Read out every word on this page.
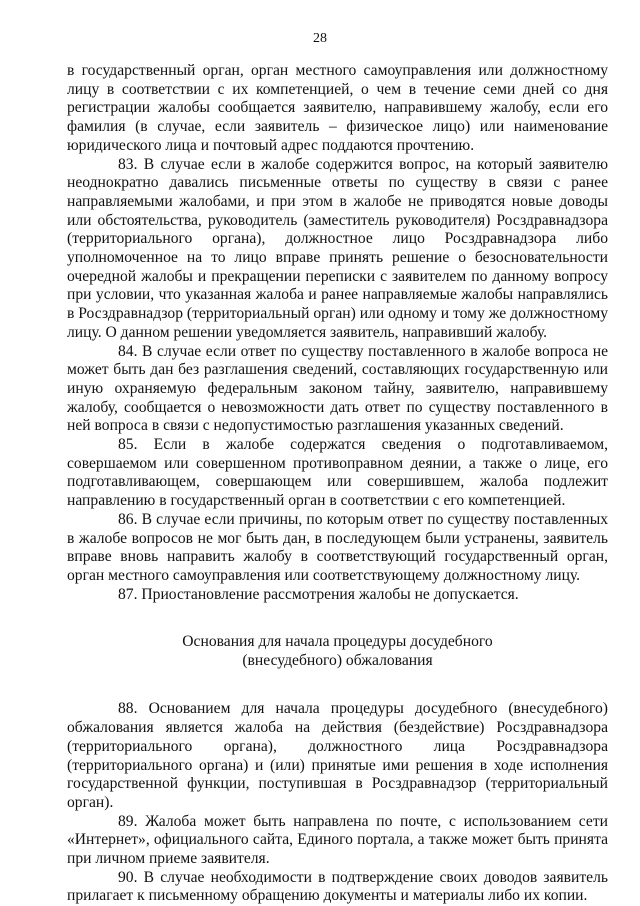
28

в государственный орган, орган местного самоуправления или должностному лицу в соответствии с их компетенцией, о чем в течение семи дней со дня регистрации жалобы сообщается заявителю, направившему жалобу, если его фамилия (в случае, если заявитель – физическое лицо) или наименование юридического лица и почтовый адрес поддаются прочтению.

83. В случае если в жалобе содержится вопрос, на который заявителю неоднократно давались письменные ответы по существу в связи с ранее направляемыми жалобами, и при этом в жалобе не приводятся новые доводы или обстоятельства, руководитель (заместитель руководителя) Росздравнадзора (территориального органа), должностное лицо Росздравнадзора либо уполномоченное на то лицо вправе принять решение о безосновательности очередной жалобы и прекращении переписки с заявителем по данному вопросу при условии, что указанная жалоба и ранее направляемые жалобы направлялись в Росздравнадзор (территориальный орган) или одному и тому же должностному лицу. О данном решении уведомляется заявитель, направивший жалобу.

84. В случае если ответ по существу поставленного в жалобе вопроса не может быть дан без разглашения сведений, составляющих государственную или иную охраняемую федеральным законом тайну, заявителю, направившему жалобу, сообщается о невозможности дать ответ по существу поставленного в ней вопроса в связи с недопустимостью разглашения указанных сведений.

85. Если в жалобе содержатся сведения о подготавливаемом, совершаемом или совершенном противоправном деянии, а также о лице, его подготавливающем, совершающем или совершившем, жалоба подлежит направлению в государственный орган в соответствии с его компетенцией.

86. В случае если причины, по которым ответ по существу поставленных в жалобе вопросов не мог быть дан, в последующем были устранены, заявитель вправе вновь направить жалобу в соответствующий государственный орган, орган местного самоуправления или соответствующему должностному лицу.

87. Приостановление рассмотрения жалобы не допускается.

Основания для начала процедуры досудебного
(внесудебного) обжалования

88. Основанием для начала процедуры досудебного (внесудебного) обжалования является жалоба на действия (бездействие) Росздравнадзора (территориального органа), должностного лица Росздравнадзора (территориального органа) и (или) принятые ими решения в ходе исполнения государственной функции, поступившая в Росздравнадзор (территориальный орган).

89. Жалоба может быть направлена по почте, с использованием сети «Интернет», официального сайта, Единого портала, а также может быть принята при личном приеме заявителя.

90. В случае необходимости в подтверждение своих доводов заявитель прилагает к письменному обращению документы и материалы либо их копии.
